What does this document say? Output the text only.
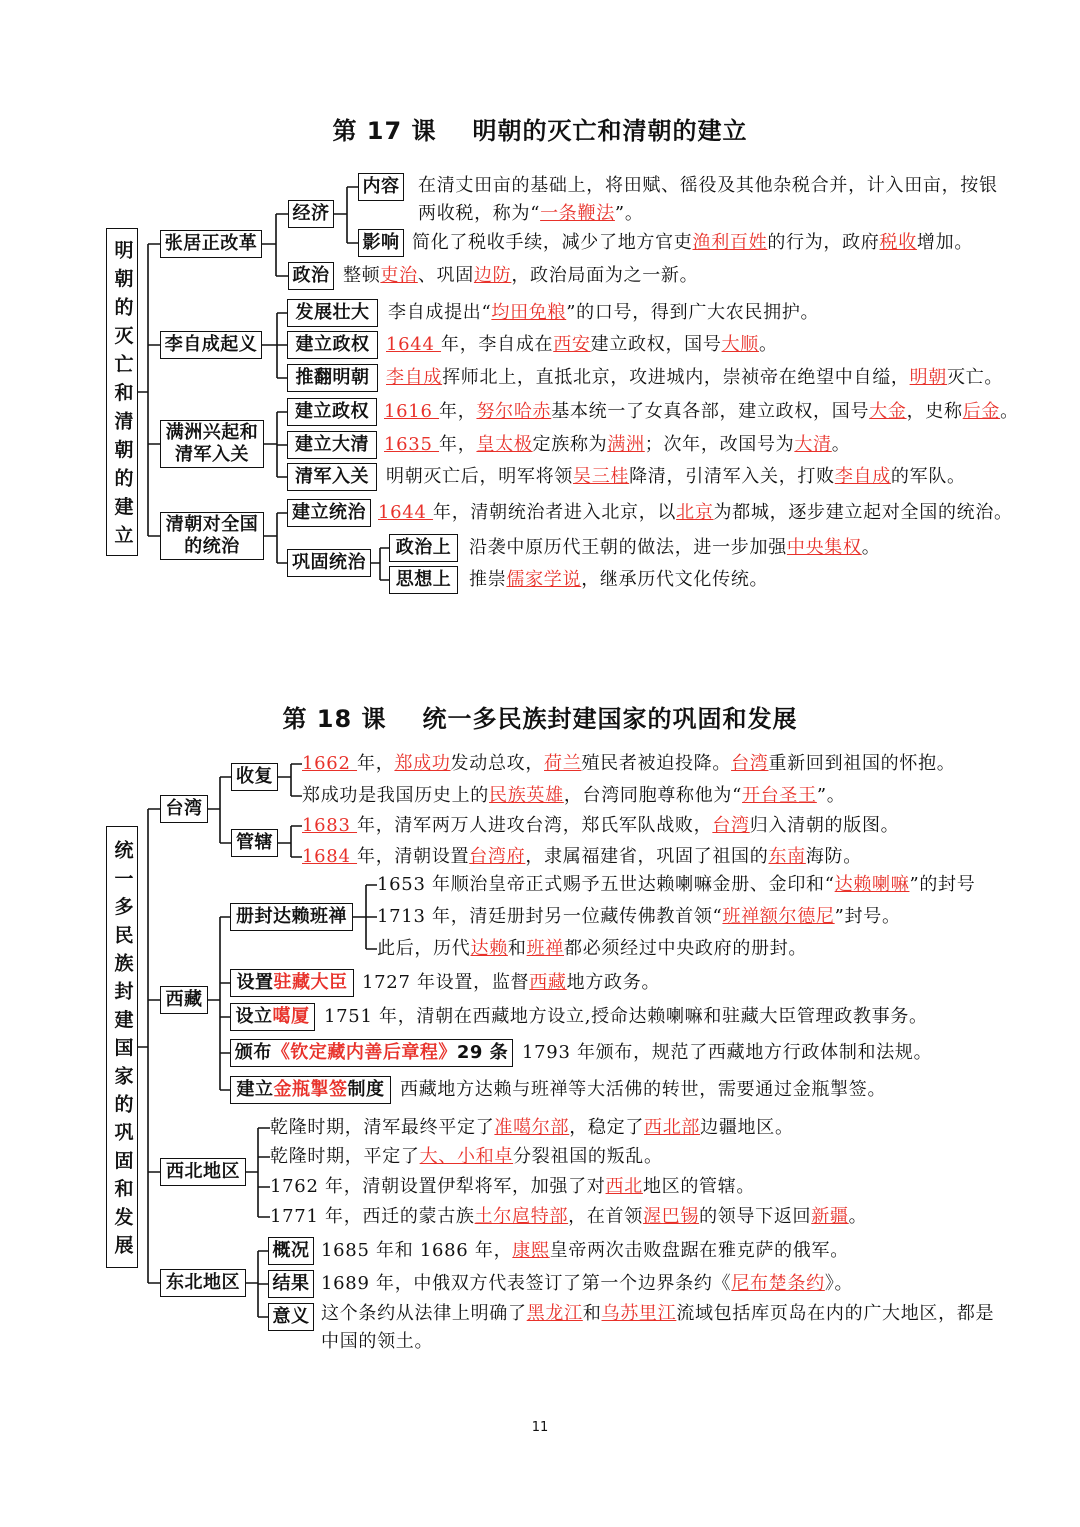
第 17 课 明朝的灭亡和清朝的建立
明朝的灭亡和清朝的建立 张居正改革
经济
内容 在清丈田亩的基础上，将田赋、徭役及其他杂税合并，计入田亩，按银
两收税，称为“一条鞭法”。
影响 简化了税收手续，减少了地方官吏渔利百姓的行为，政府税收增加。
政治 整顿吏治、巩固边防，政治局面为之一新。
李自成起义
发展壮大	李自成提出“均田免粮”的口号，得到广大农民拥护。
建立政权 1644 年，李自成在西安建立政权，国号大顺。
推翻明朝 李自成挥师北上，直抵北京，攻进城内，崇祯帝在绝望中自缢，明朝灭亡。
满洲兴起和
清军入关
建立政权 1616 年，努尔哈赤基本统一了女真各部，建立政权，国号大金，史称后金。
建立大清 1635 年，皇太极定族称为满洲；次年，改国号为大清。
清军入关 明朝灭亡后，明军将领吴三桂降清，引清军入关，打败李自成的军队。
清朝对全国
的统治
建立统治 1644 年，清朝统治者进入北京，以北京为都城，逐步建立起对全国的统治。
巩固统治
政治上 沿袭中原历代王朝的做法，进一步加强中央集权。
思想上 推崇儒家学说，继承历代文化传统。
第 18 课 统一多民族封建国家的巩固和发展
统一多民族封建国家的巩固和发展
台湾
收复
1662 年，郑成功发动总攻，荷兰殖民者被迫投降。台湾重新回到祖国的怀抱。
郑成功是我国历史上的民族英雄，台湾同胞尊称他为“开台圣王”。
管辖
1683 年，清军两万人进攻台湾，郑氏军队战败，台湾归入清朝的版图。
1684 年，清朝设置台湾府，隶属福建省，巩固了祖国的东南海防。
西藏
册封达赖班禅
1653 年顺治皇帝正式赐予五世达赖喇嘛金册、金印和“达赖喇嘛”的封号
1713 年，清廷册封另一位藏传佛教首领“班禅额尔德尼”封号。
此后，历代达赖和班禅都必须经过中央政府的册封。
设置驻藏大臣 1727 年设置，监督西藏地方政务。
设立噶厦 1751 年，清朝在西藏地方设立,授命达赖喇嘛和驻藏大臣管理政教事务。
颁布《钦定藏内善后章程》29 条 1793 年颁布，规范了西藏地方行政体制和法规。
建立金瓶掣签制度 西藏地方达赖与班禅等大活佛的转世，需要通过金瓶掣签。
西北地区
乾隆时期，清军最终平定了准噶尔部，稳定了西北部边疆地区。
乾隆时期，平定了大、小和卓分裂祖国的叛乱。
1762 年，清朝设置伊犁将军，加强了对西北地区的管辖。
1771 年，西迁的蒙古族土尔扈特部，在首领渥巴锡的领导下返回新疆。
东北地区
概况 1685 年和 1686 年，康熙皇帝两次击败盘踞在雅克萨的俄军。
结果 1689 年，中俄双方代表签订了第一个边界条约《尼布楚条约》。
意义 这个条约从法律上明确了黑龙江和乌苏里江流域包括库页岛在内的广大地区，都是
中国的领土。
11
